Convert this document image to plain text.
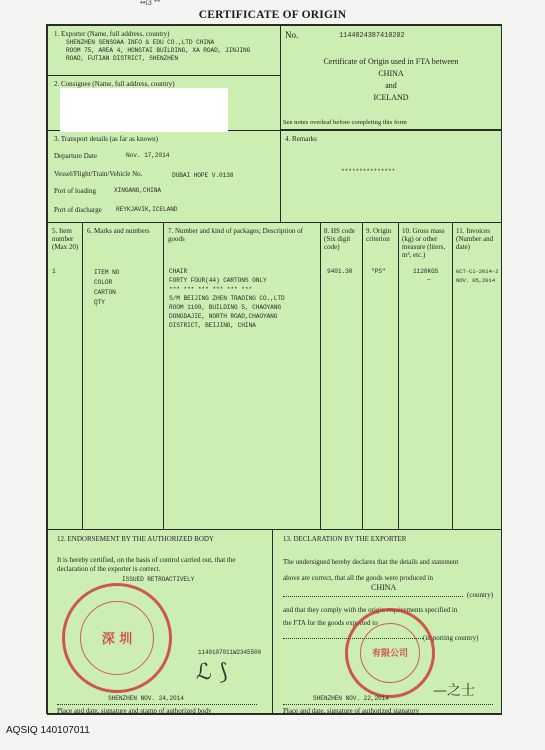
••i3 **
CERTIFICATE OF ORIGIN
1. Exporter (Name, full address, country)
SHENZHEN SENSOAA INFO & EDU CO.,LTD CHINA
ROOM 75, AREA 4, HONGTAI BUILDING, XA ROAD, JINJING
ROAD, FUTIAN DISTRICT, SHENZHEN
No.	1144024387410202
Certificate of Origin used in FTA between
CHINA
and
ICELAND
See notes overleaf before completing this form
2. Consignee (Name, full address, country)
3. Transport details (as far as known)
Departure Date	Nov. 17,2014
Vessel/Flight/Train/Vehicle No.	DUBAI HOPE V.0138
Port of loading	XINGANG,CHINA
Port of discharge REYKJAVIK,ICELAND
4. Remarks
***************
5. Item number (Max 20)
1
6. Marks and numbers
ITEM NO
COLOR
CARTON
QTY
7. Number and kind of packages; Description of goods
CHAIR
FORTY FOUR(44) CARTONS ONLY
*** *** *** *** *** ***
S/M BEIJING ZHEN TRADING CO.,LTD
ROOM 1109, BUILDING 5, CHAOYANG
DONGDAJIE, NORTH ROAD,CHAOYANG
DISTRICT, BEIJING, CHINA
8. HS code (Six digit code)
9401.30
9. Origin criterion
"PS"
10. Gross mass (kg) or other measure (liters, m³, etc.)
1128KGS
—
11. Invoices (Number and date)
GCT-C1-2014-2
NOV. 05,2014
12. ENDORSEMENT BY THE AUTHORIZED BODY
It is hereby certified, on the basis of control carried out, that the
declaration of the exporter is correct.
ISSUED RETROACTIVELY
深 圳
1140107011W2345500
ℒ ⟆
SHENZHEN NOV. 24,2014
Place and date, signature and stamp of authorized body
13. DECLARATION BY THE EXPORTER
The undersigned hereby declares that the details and statement
above are correct, that all the goods were produced in
CHINA
(country)
and that they comply with the origin requirements specified in
the FTA for the goods exported to
(importing country)
有限公司
—之士
SHENZHEN NOV. 22,2014
Place and date, signature of authorized signatory
AQSIQ 140107011
